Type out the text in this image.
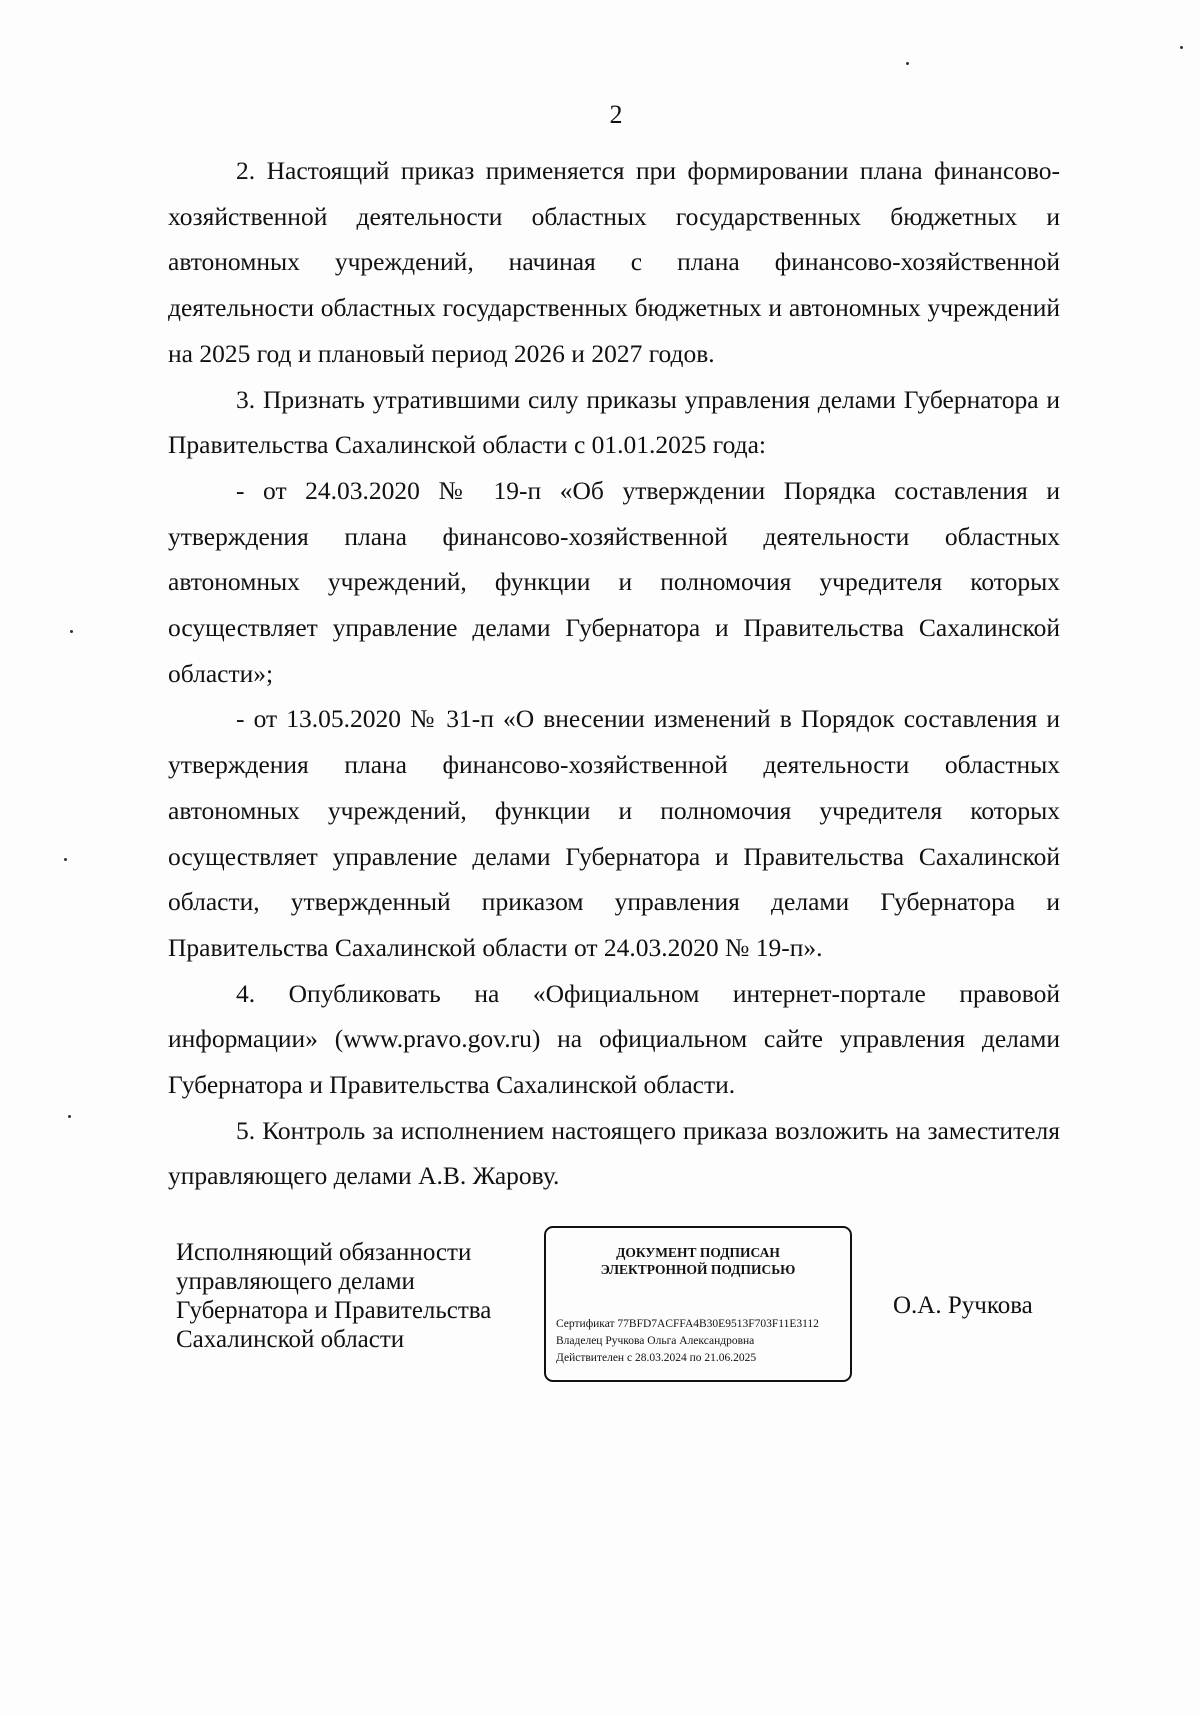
2

2. Настоящий приказ применяется при формировании плана финансово-хозяйственной деятельности областных государственных бюджетных и автономных учреждений, начиная с плана финансово-хозяйственной деятельности областных государственных бюджетных и автономных учреждений на 2025 год и плановый период 2026 и 2027 годов.

3. Признать утратившими силу приказы управления делами Губернатора и Правительства Сахалинской области с 01.01.2025 года:

- от 24.03.2020 № 19-п «Об утверждении Порядка составления и утверждения плана финансово-хозяйственной деятельности областных автономных учреждений, функции и полномочия учредителя которых осуществляет управление делами Губернатора и Правительства Сахалинской области»;

- от 13.05.2020 № 31-п «О внесении изменений в Порядок составления и утверждения плана финансово-хозяйственной деятельности областных автономных учреждений, функции и полномочия учредителя которых осуществляет управление делами Губернатора и Правительства Сахалинской области, утвержденный приказом управления делами Губернатора и Правительства Сахалинской области от 24.03.2020 № 19-п».

4. Опубликовать на «Официальном интернет-портале правовой информации» (www.pravo.gov.ru) на официальном сайте управления делами Губернатора и Правительства Сахалинской области.

5. Контроль за исполнением настоящего приказа возложить на заместителя управляющего делами А.В. Жарову.

Исполняющий обязанности
управляющего делами
Губернатора и Правительства
Сахалинской области
ДОКУМЕНТ ПОДПИСАН
ЭЛЕКТРОННОЙ ПОДПИСЬЮ
Сертификат 77BFD7ACFFA4B30E9513F703F11E3112
Владелец Ручкова Ольга Александровна
Действителен с 28.03.2024 по 21.06.2025
О.А. Ручкова
